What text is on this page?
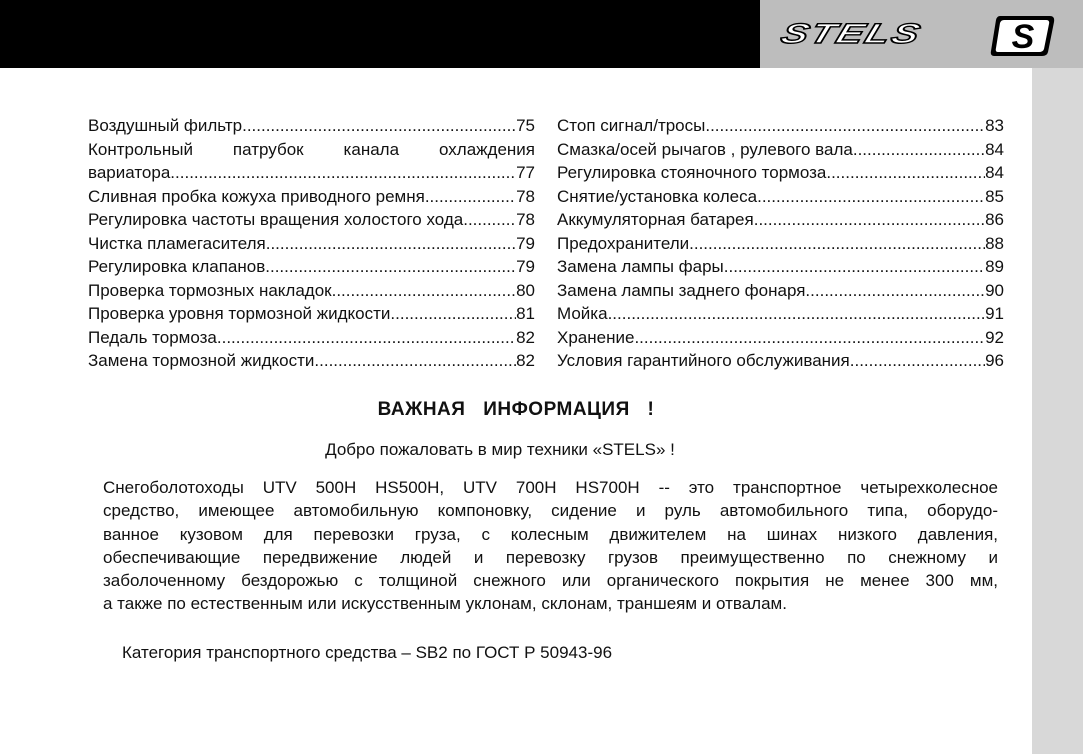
STELS	S
Воздушный фильтр .....	75
Контрольный патрубок канала охлаждения
вариатора .....	77
Сливная пробка кожуха приводного ремня .....	78
Регулировка частоты вращения холостого хода .....	78
Чистка пламегасителя .....	79
Регулировка клапанов .....	79
Проверка тормозных накладок .....	80
Проверка уровня тормозной жидкости .....	81
Педаль тормоза .....	82
Замена тормозной жидкости .....	82
Стоп сигнал/тросы .....	83
Смазка/осей рычагов , рулевого вала .....	84
Регулировка стояночного тормоза .....	84
Снятие/установка колеса .....	85
Аккумуляторная батарея .....	86
Предохранители .....	88
Замена лампы фары .....	89
Замена лампы заднего фонаря .....	90
Мойка .....	91
Хранение .....	92
Условия гарантийного обслуживания .....	96
ВАЖНАЯ ИНФОРМАЦИЯ !
Добро пожаловать в мир техники «STELS» !
Снегоболотоходы UTV 500H HS500H, UTV 700H HS700H -- это транспортное четырехколесное
средство, имеющее автомобильную компоновку, сидение и руль автомобильного типа, оборудо-
ванное кузовом для перевозки груза, с колесным движителем на шинах низкого давления,
обеспечивающие передвижение людей и перевозку грузов преимущественно по снежному и
заболоченному бездорожью с толщиной снежного или органического покрытия не менее 300 мм,
а также по естественным или искусственным уклонам, склонам, траншеям и отвалам.
Категория транспортного средства – SB2 по ГОСТ Р 50943-96
